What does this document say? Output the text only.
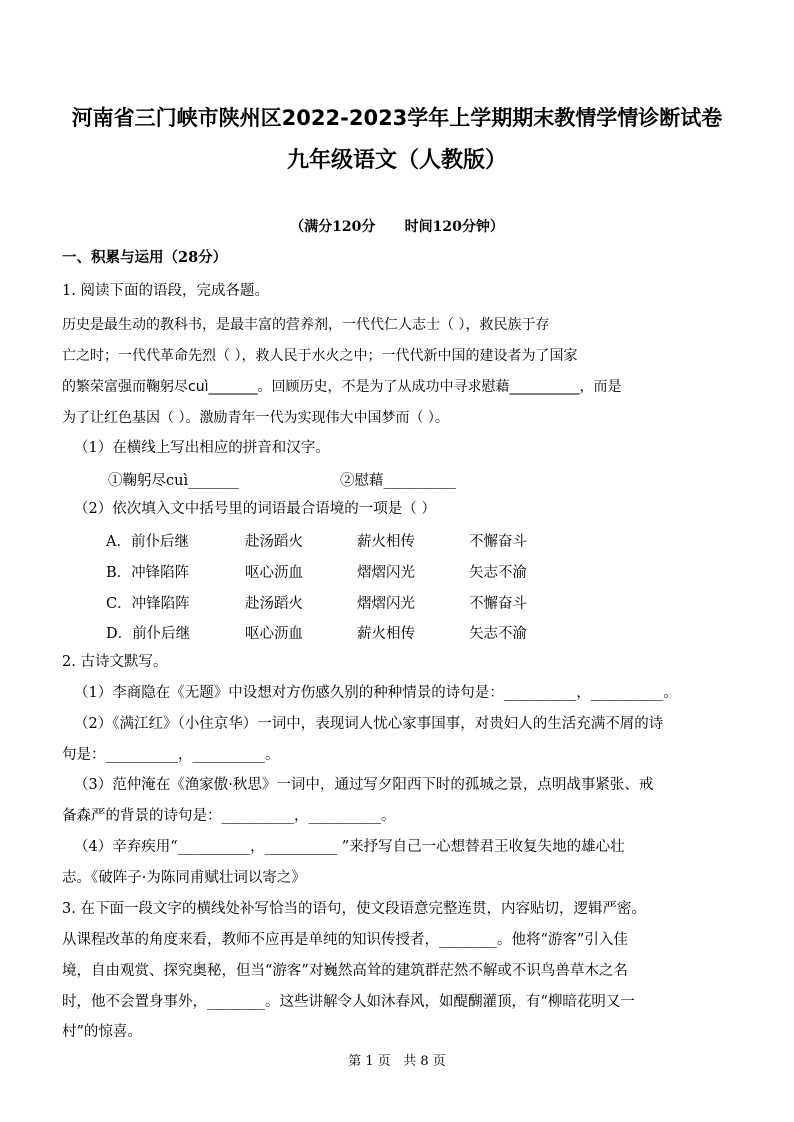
河南省三门峡市陕州区2022-2023学年上学期期末教情学情诊断试卷
九年级语文（人教版）
（满分120分      时间120分钟）
一、积累与运用（28分）
1. 阅读下面的语段，完成各题。
历史是最生动的教科书，是最丰富的营养剂，一代代仁人志士（ ），救民族于存
亡之时；一代代革命先烈（ ），救人民于水火之中；一代代新中国的建设者为了国家
的繁荣富强而鞠躬尽cuì_______。回顾历史，不是为了从成功中寻求慰藉__________，而是
为了让红色基因（ ）。激励青年一代为实现伟大中国梦而（ ）。
（1）在横线上写出相应的拼音和汉字。
①鞠躬尽cuì_______	②慰藉__________
（2）依次填入文中括号里的词语最合语境的一项是（ ）
A．前仆后继	赴汤蹈火	薪火相传	不懈奋斗
B．冲锋陷阵	呕心沥血	熠熠闪光	矢志不渝
C．冲锋陷阵	赴汤蹈火	熠熠闪光	不懈奋斗
D．前仆后继	呕心沥血	薪火相传	矢志不渝
2. 古诗文默写。
（1）李商隐在《无题》中设想对方伤感久别的种种情景的诗句是：__________，__________。
（2）《满江红》（小住京华）一词中，表现词人忧心家事国事，对贵妇人的生活充满不屑的诗
句是：__________，__________。
（3）范仲淹在《渔家傲·秋思》一词中，通过写夕阳西下时的孤城之景，点明战事紧张、戒
备森严的背景的诗句是：__________，__________。
（4）辛弃疾用“__________，__________ ”来抒写自己一心想替君王收复失地的雄心壮
志。《破阵子·为陈同甫赋壮词以寄之》
3. 在下面一段文字的横线处补写恰当的语句，使文段语意完整连贯，内容贴切，逻辑严密。
从课程改革的角度来看，教师不应再是单纯的知识传授者，________。他将“游客”引入佳
境，自由观赏、探究奥秘，但当“游客”对巍然高耸的建筑群茫然不解或不识鸟兽草木之名
时，他不会置身事外，________。这些讲解令人如沐春风，如醍醐灌顶，有“柳暗花明又一
村”的惊喜。
第 1 页   共 8 页
